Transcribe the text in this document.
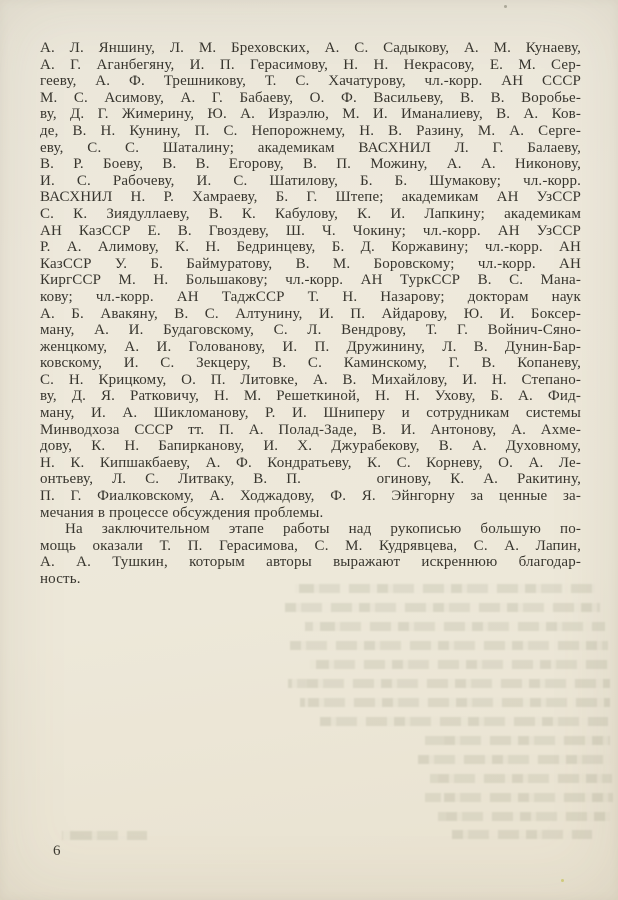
А. Л. Яншину, Л. М. Бреховских, А. С. Садыкову, А. М. Кунаеву,
А. Г. Аганбегяну, И. П. Герасимову, Н. Н. Некрасову, Е. М. Сер-
гееву, А. Ф. Трешникову, Т. С. Хачатурову, чл.-корр. АН СССР
М. С. Асимову, А. Г. Бабаеву, О. Ф. Васильеву, В. В. Воробье-
ву, Д. Г. Жимерину, Ю. А. Израэлю, М. И. Иманалиеву, В. А. Ков-
де, В. Н. Кунину, П. С. Непорожнему, Н. В. Разину, М. А. Серге-
еву, С. С. Шаталину; академикам ВАСХНИЛ Л. Г. Балаеву,
В. Р. Боеву, В. В. Егорову, В. П. Можину, А. А. Никонову,
И. С. Рабочеву, И. С. Шатилову, Б. Б. Шумакову; чл.-корр.
ВАСХНИЛ Н. Р. Хамраеву, Б. Г. Штепе; академикам АН УзССР
С. К. Зиядуллаеву, В. К. Кабулову, К. И. Лапкину; академикам
АН КазССР Е. В. Гвоздеву, Ш. Ч. Чокину; чл.-корр. АН УзССР
Р. А. Алимову, К. Н. Бедринцеву, Б. Д. Коржавину; чл.-корр. АН
КазССР У. Б. Баймуратову, В. М. Боровскому; чл.-корр. АН
КиргССР М. Н. Большакову; чл.-корр. АН ТуркССР В. С. Мана-
кову; чл.-корр. АН ТаджССР Т. Н. Назарову; докторам наук
А. Б. Авакяну, В. С. Алтунину, И. П. Айдарову, Ю. И. Боксер-
ману, А. И. Будаговскому, С. Л. Вендрову, Т. Г. Войнич-Сяно-
женцкому, А. И. Голованову, И. П. Дружинину, Л. В. Дунин-Бар-
ковскому, И. С. Зекцеру, В. С. Каминскому, Г. В. Копаневу,
С. Н. Крицкому, О. П. Литовке, А. В. Михайлову, И. Н. Степано-
ву, Д. Я. Ратковичу, Н. М. Решеткиной, Н. Н. Ухову, Б. А. Фид-
ману, И. А. Шикломанову, Р. И. Шниперу и сотрудникам системы
Минводхоза СССР тт. П. А. Полад-Заде, В. И. Антонову, А. Ахме-
дову, К. Н. Бапирканову, И. Х. Джурабекову, В. А. Духовному,
Н. К. Кипшакбаеву, А. Ф. Кондратьеву, К. С. Корневу, О. А. Ле-
онтьеву, Л. С. Литваку, В. П.    огинову, К. А. Ракитину,
П. Г. Фиалковскому, А. Ходжадову, Ф. Я. Эйнгорну за ценные за-
мечания в процессе обсуждения проблемы.
На заключительном этапе работы над рукописью большую по-
мощь оказали Т. П. Герасимова, С. М. Кудрявцева, С. А. Лапин,
А. А. Тушкин, которым авторы выражают искреннюю благодар-
ность.
6
